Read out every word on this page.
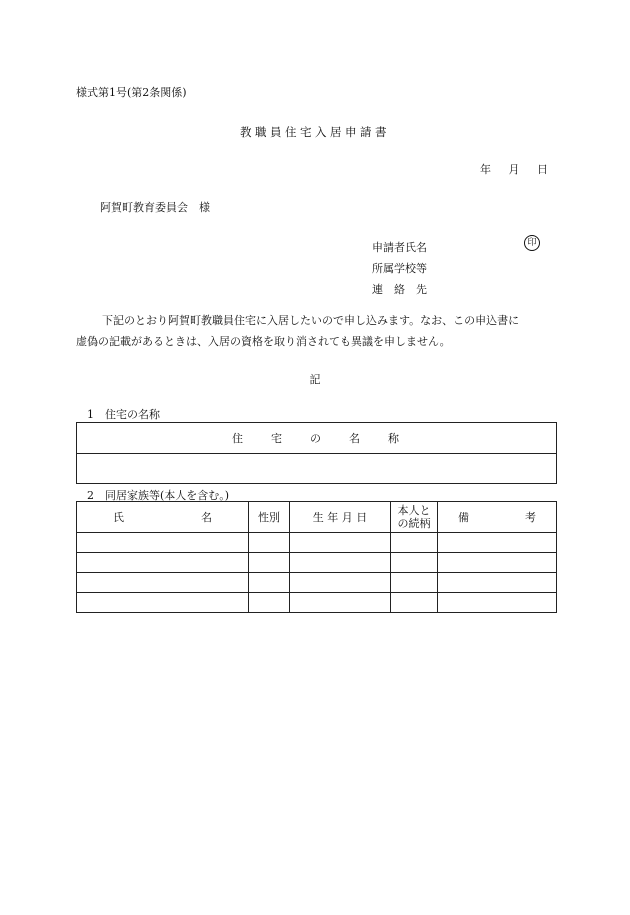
様式第1号(第2条関係)
教職員住宅入居申請書
年 月 日
阿賀町教育委員会　様
申請者氏名
所属学校等
連　絡　先
印

下記のとおり阿賀町教職員住宅に入居したいので申し込みます。なお、この申込書に

虚偽の記載があるときは、入居の資格を取り消されても異議を申しません。

記
1　住宅の名称
住　　宅　　の　　名　　称

2　同居家族等(本人を含む。)
氏 名	性別	生 年 月 日	本人との続柄	備 考
